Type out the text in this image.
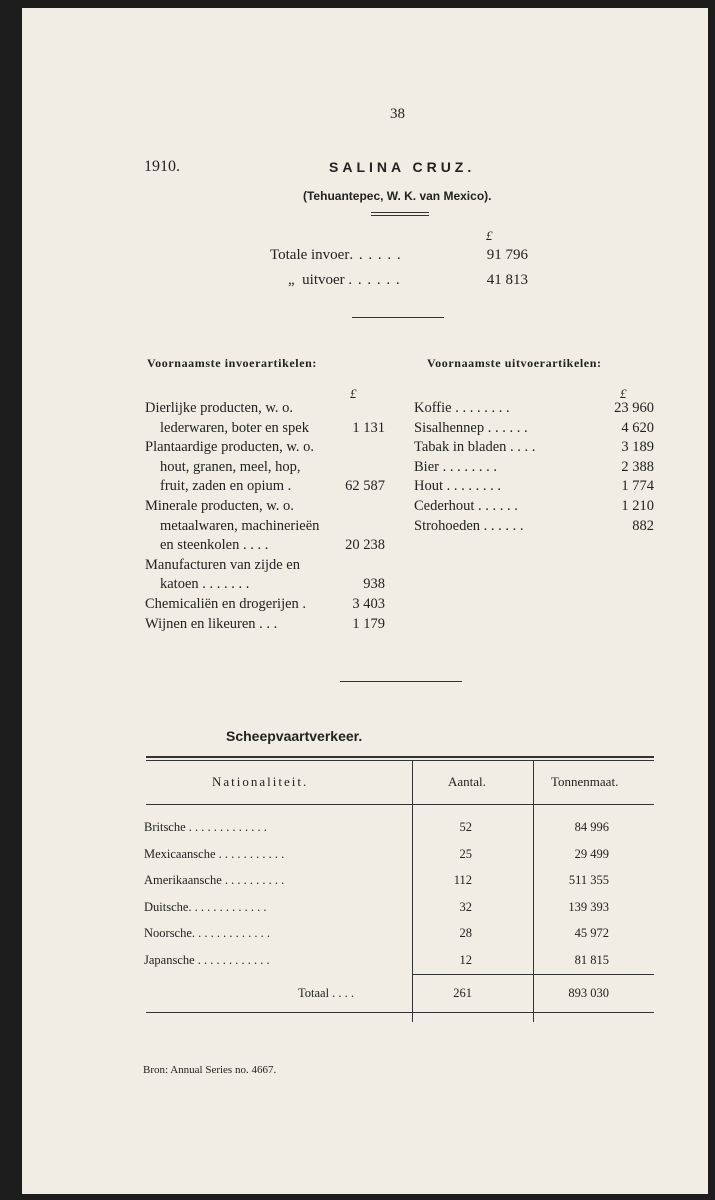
38
1910.	SALINA CRUZ.
(Tehuantepec, W. K. van Mexico).
£
Totale invoer. . . . . .	91 796
„ uitvoer . . . . . .	41 813
Voornaamste invoerartikelen:	Voornaamste uitvoerartikelen:
£	£
Dierlijke producten, w. o.
lederwaren, boter en spek	1 131
Plantaardige producten, w. o.
hout, granen, meel, hop,
fruit, zaden en opium .	62 587
Minerale producten, w. o.
metaalwaren, machinerieën
en steenkolen . . . .	20 238
Manufacturen van zijde en
katoen . . . . . . .	938
Chemicaliën en drogerijen .	3 403
Wijnen en likeuren . . .	1 179
Koffie . . . . . . . .	23 960
Sisalhennep . . . . . .	4 620
Tabak in bladen . . . .	3 189
Bier . . . . . . . .	2 388
Hout . . . . . . . .	1 774
Cederhout . . . . . .	1 210
Strohoeden . . . . . .	882
Scheepvaartverkeer.
Nationaliteit.	Aantal.	Tonnenmaat.
Britsche . . . . . . . . . . . . .	52	84 996
Mexicaansche . . . . . . . . . . .	25	29 499
Amerikaansche . . . . . . . . . .	112	511 355
Duitsche. . . . . . . . . . . . .	32	139 393
Noorsche. . . . . . . . . . . . .	28	45 972
Japansche . . . . . . . . . . . .	12	81 815
Totaal . . . .	261	893 030
Bron: Annual Series no. 4667.
